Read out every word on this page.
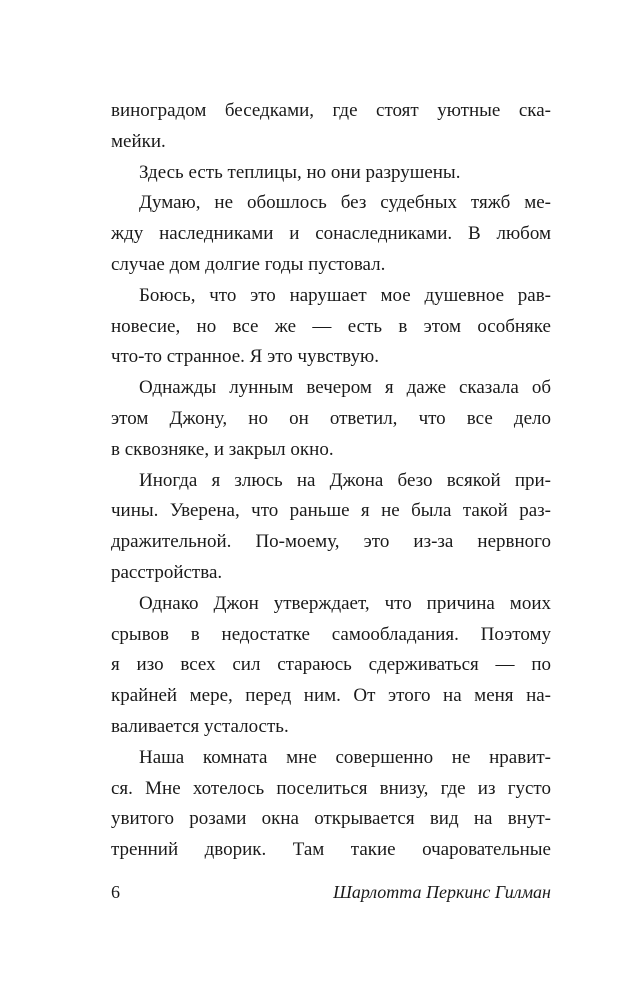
виноградом беседками, где стоят уютные ска-
мейки.
Здесь есть теплицы, но они разрушены.
Думаю, не обошлось без судебных тяжб ме-
жду наследниками и сонаследниками. В любом
случае дом долгие годы пустовал.
Боюсь, что это нарушает мое душевное рав-
новесие, но все же — есть в этом особняке
что-то странное. Я это чувствую.
Однажды лунным вечером я даже сказала об
этом Джону, но он ответил, что все дело
в сквозняке, и закрыл окно.
Иногда я злюсь на Джона безо всякой при-
чины. Уверена, что раньше я не была такой раз-
дражительной. По-моему, это из-за нервного
расстройства.
Однако Джон утверждает, что причина моих
срывов в недостатке самообладания. Поэтому
я изо всех сил стараюсь сдерживаться — по
крайней мере, перед ним. От этого на меня на-
валивается усталость.
Наша комната мне совершенно не нравит-
ся. Мне хотелось поселиться внизу, где из густо
увитого розами окна открывается вид на внут-
тренний дворик. Там такие очаровательные
6	Шарлотта Перкинс Гилман
